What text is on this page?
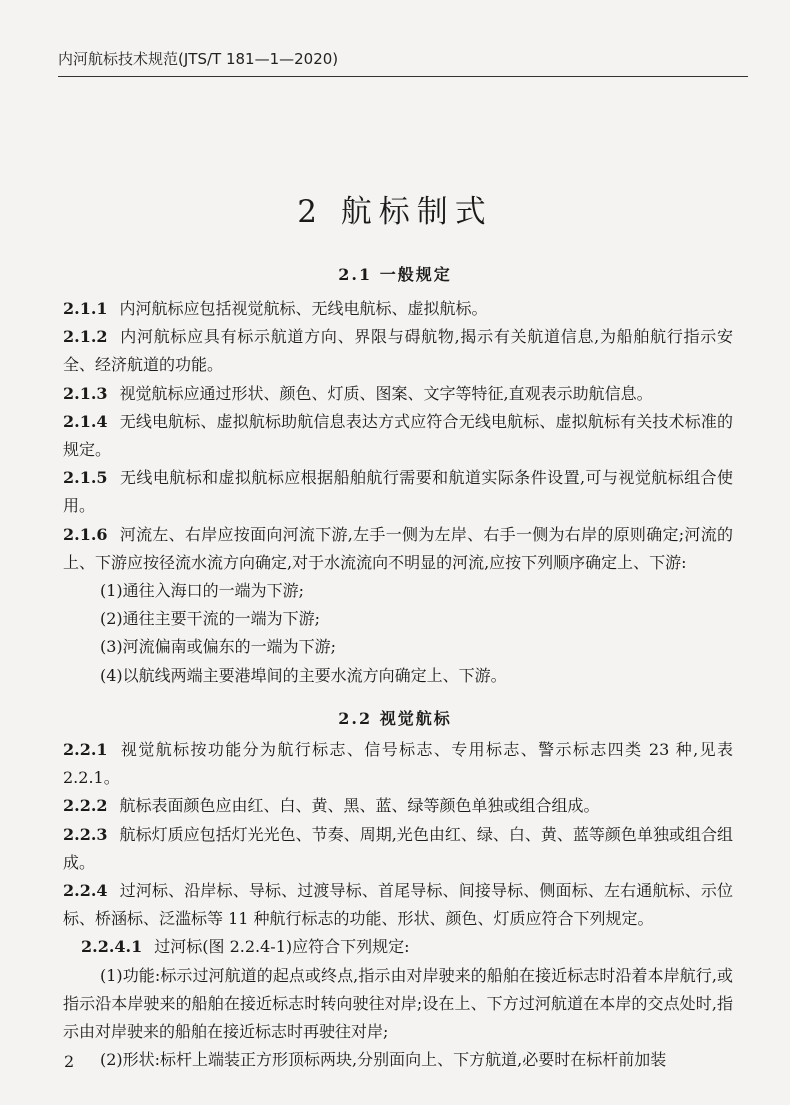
内河航标技术规范(JTS/T 181—1—2020)
2 航标制式
2.1 一般规定

2.1.1 内河航标应包括视觉航标、无线电航标、虚拟航标。

2.1.2 内河航标应具有标示航道方向、界限与碍航物,揭示有关航道信息,为船舶航行指示安全、经济航道的功能。

2.1.3 视觉航标应通过形状、颜色、灯质、图案、文字等特征,直观表示助航信息。

2.1.4 无线电航标、虚拟航标助航信息表达方式应符合无线电航标、虚拟航标有关技术标准的规定。

2.1.5 无线电航标和虚拟航标应根据船舶航行需要和航道实际条件设置,可与视觉航标组合使用。

2.1.6 河流左、右岸应按面向河流下游,左手一侧为左岸、右手一侧为右岸的原则确定;河流的上、下游应按径流水流方向确定,对于水流流向不明显的河流,应按下列顺序确定上、下游:

(1)通往入海口的一端为下游;

(2)通往主要干流的一端为下游;

(3)河流偏南或偏东的一端为下游;

(4)以航线两端主要港埠间的主要水流方向确定上、下游。

2.2 视觉航标

2.2.1 视觉航标按功能分为航行标志、信号标志、专用标志、警示标志四类 23 种,见表 2.2.1。

2.2.2 航标表面颜色应由红、白、黄、黑、蓝、绿等颜色单独或组合组成。

2.2.3 航标灯质应包括灯光光色、节奏、周期,光色由红、绿、白、黄、蓝等颜色单独或组合组成。

2.2.4 过河标、沿岸标、导标、过渡导标、首尾导标、间接导标、侧面标、左右通航标、示位标、桥涵标、泛滥标等 11 种航行标志的功能、形状、颜色、灯质应符合下列规定。

2.2.4.1 过河标(图 2.2.4-1)应符合下列规定:

(1)功能:标示过河航道的起点或终点,指示由对岸驶来的船舶在接近标志时沿着本岸航行,或指示沿本岸驶来的船舶在接近标志时转向驶往对岸;设在上、下方过河航道在本岸的交点处时,指示由对岸驶来的船舶在接近标志时再驶往对岸;

(2)形状:标杆上端装正方形顶标两块,分别面向上、下方航道,必要时在标杆前加装

2
